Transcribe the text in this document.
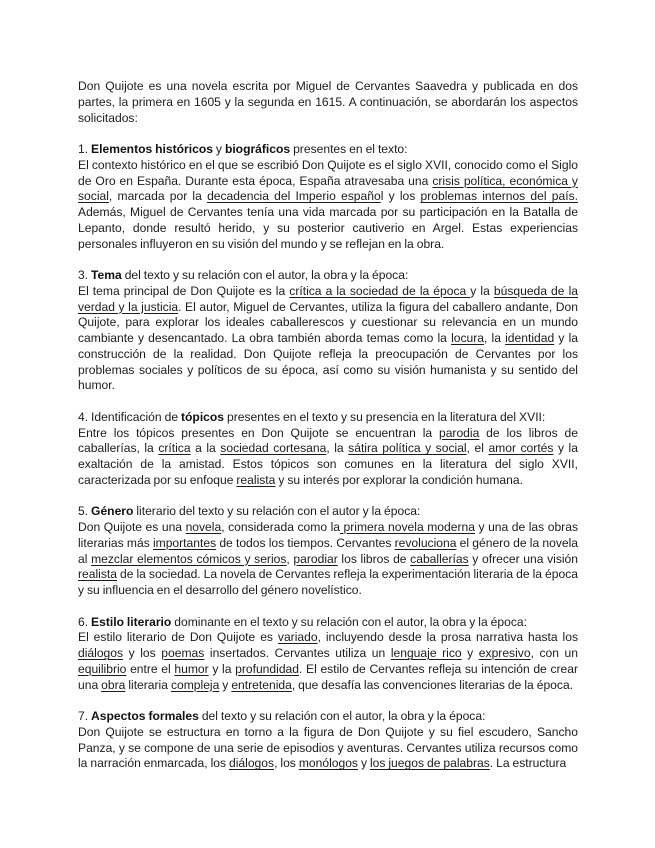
Don Quijote es una novela escrita por Miguel de Cervantes Saavedra y publicada en dos partes, la primera en 1605 y la segunda en 1615. A continuación, se abordarán los aspectos solicitados:

1. Elementos históricos y biográficos presentes en el texto:

El contexto histórico en el que se escribió Don Quijote es el siglo XVII, conocido como el Siglo de Oro en España. Durante esta época, España atravesaba una crisis política, económica y social, marcada por la decadencia del Imperio español y los problemas internos del país. Además, Miguel de Cervantes tenía una vida marcada por su participación en la Batalla de Lepanto, donde resultó herido, y su posterior cautiverio en Argel. Estas experiencias personales influyeron en su visión del mundo y se reflejan en la obra.

3. Tema del texto y su relación con el autor, la obra y la época:

El tema principal de Don Quijote es la crítica a la sociedad de la época y la búsqueda de la verdad y la justicia. El autor, Miguel de Cervantes, utiliza la figura del caballero andante, Don Quijote, para explorar los ideales caballerescos y cuestionar su relevancia en un mundo cambiante y desencantado. La obra también aborda temas como la locura, la identidad y la construcción de la realidad. Don Quijote refleja la preocupación de Cervantes por los problemas sociales y políticos de su época, así como su visión humanista y su sentido del humor.

4. Identificación de tópicos presentes en el texto y su presencia en la literatura del XVII:

Entre los tópicos presentes en Don Quijote se encuentran la parodia de los libros de caballerías, la crítica a la sociedad cortesana, la sátira política y social, el amor cortés y la exaltación de la amistad. Estos tópicos son comunes en la literatura del siglo XVII, caracterizada por su enfoque realista y su interés por explorar la condición humana.

5. Género literario del texto y su relación con el autor y la época:

Don Quijote es una novela, considerada como la primera novela moderna y una de las obras literarias más importantes de todos los tiempos. Cervantes revoluciona el género de la novela al mezclar elementos cómicos y serios, parodiar los libros de caballerías y ofrecer una visión realista de la sociedad. La novela de Cervantes refleja la experimentación literaria de la época y su influencia en el desarrollo del género novelístico.

6. Estilo literario dominante en el texto y su relación con el autor, la obra y la época:

El estilo literario de Don Quijote es variado, incluyendo desde la prosa narrativa hasta los diálogos y los poemas insertados. Cervantes utiliza un lenguaje rico y expresivo, con un equilibrio entre el humor y la profundidad. El estilo de Cervantes refleja su intención de crear una obra literaria compleja y entretenida, que desafía las convenciones literarias de la época.

7. Aspectos formales del texto y su relación con el autor, la obra y la época:

Don Quijote se estructura en torno a la figura de Don Quijote y su fiel escudero, Sancho Panza, y se compone de una serie de episodios y aventuras. Cervantes utiliza recursos como la narración enmarcada, los diálogos, los monólogos y los juegos de palabras. La estructura
